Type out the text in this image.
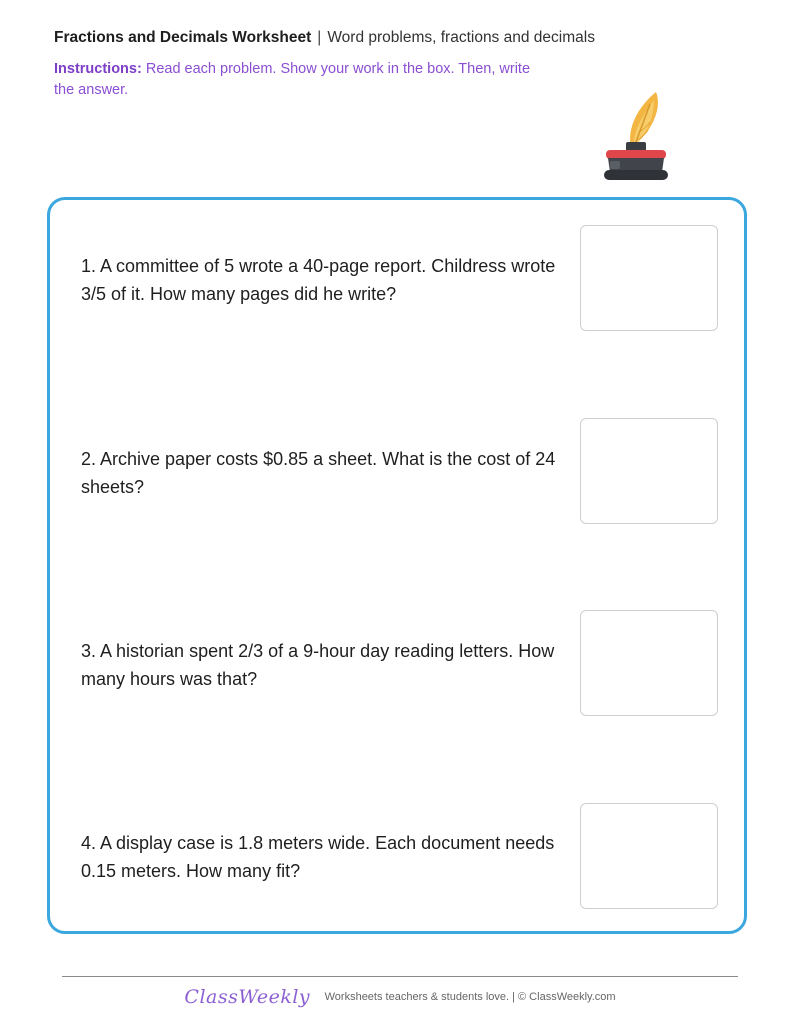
Fractions and Decimals Worksheet | Word problems, fractions and decimals
Instructions: Read each problem. Show your work in the box. Then, write the answer.
1. A committee of 5 wrote a 40-page report. Childress wrote 3/5 of it. How many pages did he write?
2. Archive paper costs $0.85 a sheet. What is the cost of 24 sheets?
3. A historian spent 2/3 of a 9-hour day reading letters. How many hours was that?
4. A display case is 1.8 meters wide. Each document needs 0.15 meters. How many fit?
ClassWeekly Worksheets teachers & students love. | © ClassWeekly.com
